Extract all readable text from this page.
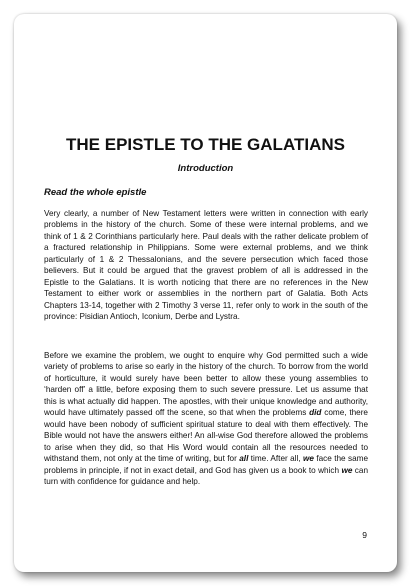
THE EPISTLE TO THE GALATIANS
Introduction
Read the whole epistle

Very clearly, a number of New Testament letters were written in connection with early problems in the history of the church. Some of these were internal problems, and we think of 1 & 2 Corinthians particularly here. Paul deals with the rather delicate problem of a fractured relationship in Philippians. Some were external problems, and we think particularly of 1 & 2 Thessalonians, and the severe persecution which faced those believers. But it could be argued that the gravest problem of all is addressed in the Epistle to the Galatians. It is worth noticing that there are no references in the New Testament to either work or assemblies in the northern part of Galatia. Both Acts Chapters 13-14, together with 2 Timothy 3 verse 11, refer only to work in the south of the province: Pisidian Antioch, Iconium, Derbe and Lystra.

Before we examine the problem, we ought to enquire why God permitted such a wide variety of problems to arise so early in the history of the church. To borrow from the world of horticulture, it would surely have been better to allow these young assemblies to ‘harden off’ a little, before exposing them to such severe pressure. Let us assume that this is what actually did happen. The apostles, with their unique knowledge and authority, would have ultimately passed off the scene, so that when the problems did come, there would have been nobody of sufficient spiritual stature to deal with them effectively. The Bible would not have the answers either! An all-wise God therefore allowed the problems to arise when they did, so that His Word would contain all the resources needed to withstand them, not only at the time of writing, but for all time. After all, we face the same problems in principle, if not in exact detail, and God has given us a book to which we can turn with confidence for guidance and help.

9
